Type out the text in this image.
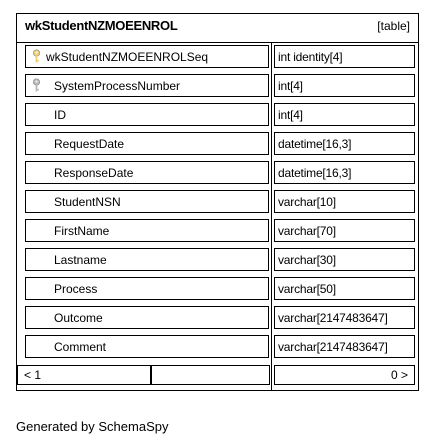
wkStudentNZMOEENROL	[table]
wkStudentNZMOEENROLSeq	int identity[4]
SystemProcessNumber	int[4]
ID	int[4]
RequestDate	datetime[16,3]
ResponseDate	datetime[16,3]
StudentNSN	varchar[10]
FirstName	varchar[70]
Lastname	varchar[30]
Process	varchar[50]
Outcome	varchar[2147483647]
Comment	varchar[2147483647]
< 1	0 >
Generated by SchemaSpy
